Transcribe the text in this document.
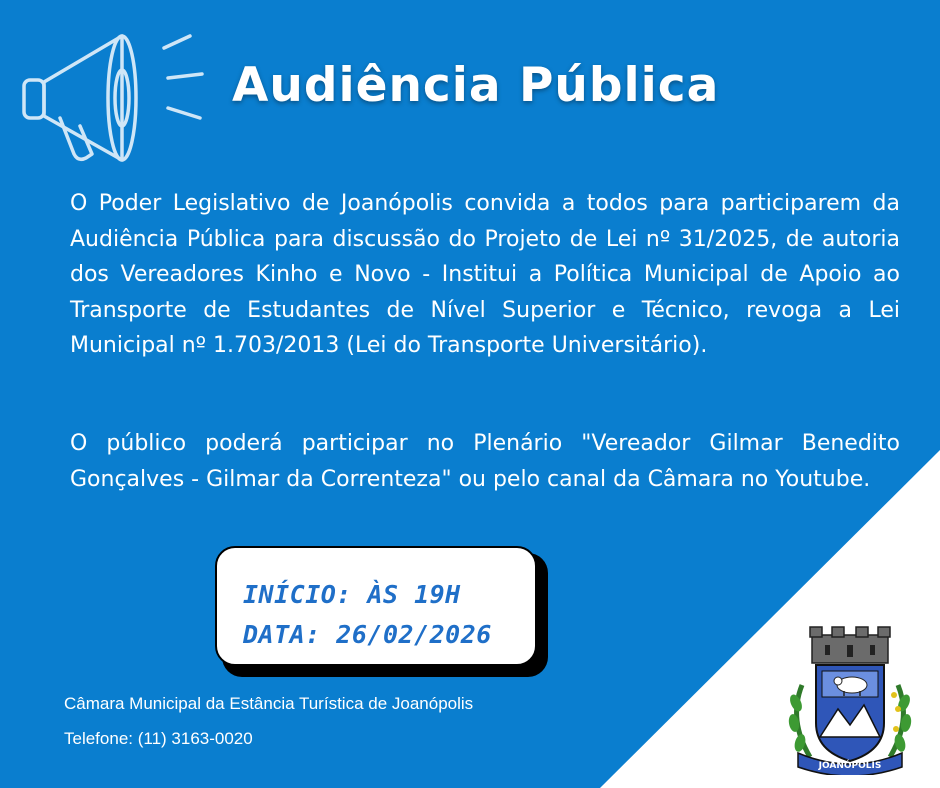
Audiência Pública

O Poder Legislativo de Joanópolis convida a todos para participarem da Audiência Pública para discussão do Projeto de Lei nº 31/2025, de autoria dos Vereadores Kinho e Novo - Institui a Política Municipal de Apoio ao Transporte de Estudantes de Nível Superior e Técnico, revoga a Lei Municipal nº 1.703/2013 (Lei do Transporte Universitário).

O público poderá participar no Plenário "Vereador Gilmar Benedito Gonçalves - Gilmar da Correnteza" ou pelo canal da Câmara no Youtube.

INÍCIO: ÀS 19H

DATA: 26/02/2026

Câmara Municipal da Estância Turística de Joanópolis

Telefone: (11) 3163-0020

JOANÓPOLIS
